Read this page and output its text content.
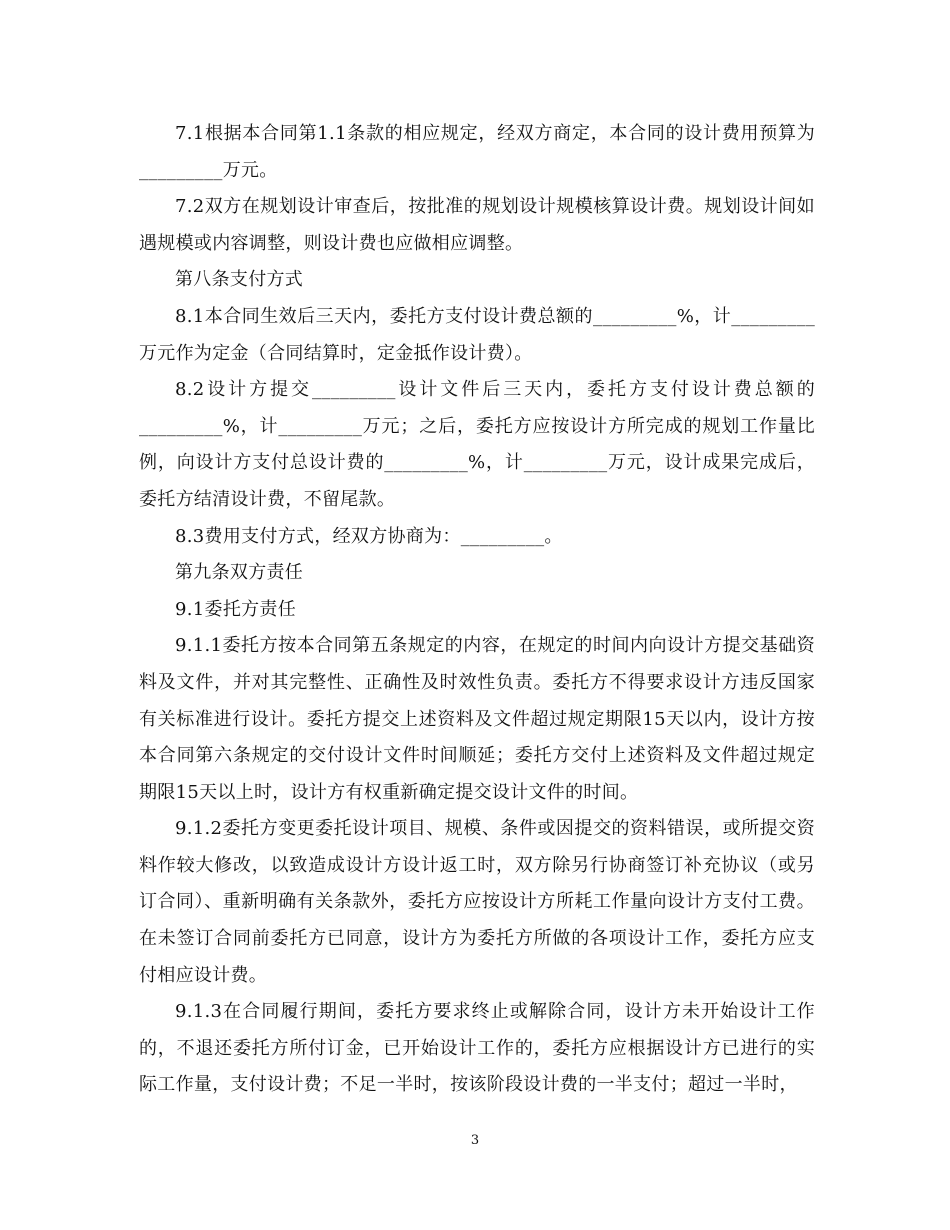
7.1根据本合同第1.1条款的相应规定，经双方商定，本合同的设计费用预算为_________万元。

7.2双方在规划设计审查后，按批准的规划设计规模核算设计费。规划设计间如遇规模或内容调整，则设计费也应做相应调整。

第八条支付方式

8.1本合同生效后三天内，委托方支付设计费总额的_________%，计_________万元作为定金（合同结算时，定金抵作设计费）。

8.2设计方提交_________设计文件后三天内，委托方支付设计费总额的_________%，计_________万元；之后，委托方应按设计方所完成的规划工作量比例，向设计方支付总设计费的_________%，计_________万元，设计成果完成后，委托方结清设计费，不留尾款。

8.3费用支付方式，经双方协商为：_________。

第九条双方责任

9.1委托方责任

9.1.1委托方按本合同第五条规定的内容，在规定的时间内向设计方提交基础资料及文件，并对其完整性、正确性及时效性负责。委托方不得要求设计方违反国家有关标准进行设计。委托方提交上述资料及文件超过规定期限15天以内，设计方按本合同第六条规定的交付设计文件时间顺延；委托方交付上述资料及文件超过规定期限15天以上时，设计方有权重新确定提交设计文件的时间。

9.1.2委托方变更委托设计项目、规模、条件或因提交的资料错误，或所提交资料作较大修改，以致造成设计方设计返工时，双方除另行协商签订补充协议（或另订合同）、重新明确有关条款外，委托方应按设计方所耗工作量向设计方支付工费。在未签订合同前委托方已同意，设计方为委托方所做的各项设计工作，委托方应支付相应设计费。

9.1.3在合同履行期间，委托方要求终止或解除合同，设计方未开始设计工作的，不退还委托方所付订金，已开始设计工作的，委托方应根据设计方已进行的实际工作量，支付设计费；不足一半时，按该阶段设计费的一半支付；超过一半时，

3
